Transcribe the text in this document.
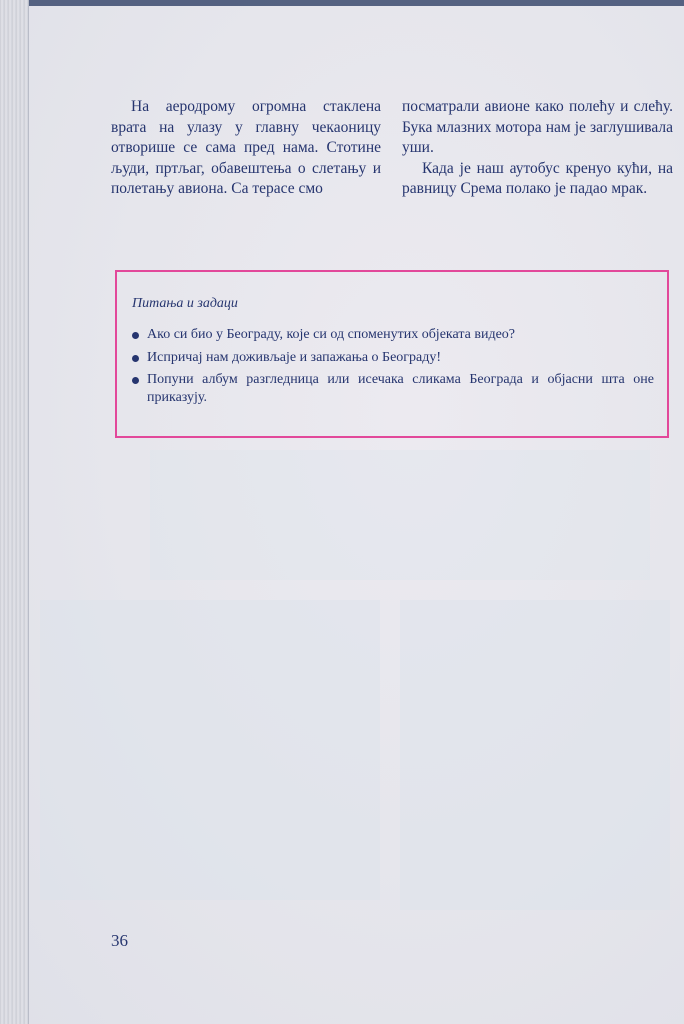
На аеродрому огромна стаклена врата на улазу у главну чекаоницу отворише се сама пред нама. Стотине људи, пртљаг, обавештења о слетању и полетању авиона. Са терасе смо

посматрали авионе како полећу и слећу. Бука млазних мотора нам је заглушивала уши.

Када је наш аутобус кренуо кући, на равницу Срема полако је падао мрак.

Питања и задаци
Ако си био у Београду, које си од споменутих објеката видео?
Испричај нам доживљаје и запажања о Београду!
Попуни албум разгледница или исечака сликама Београда и објасни шта оне приказују.
36
